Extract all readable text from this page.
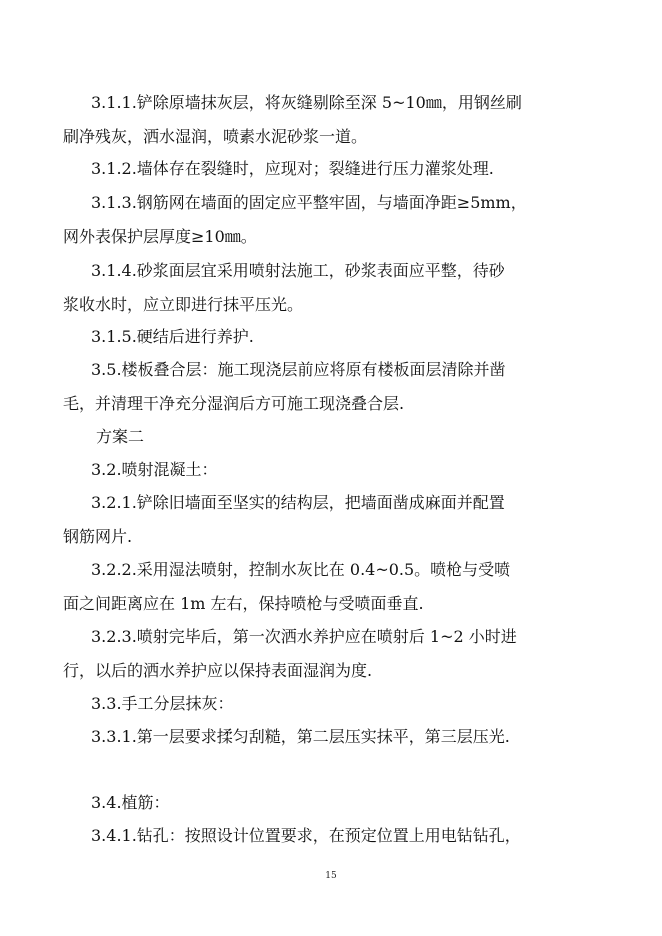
3.1.1.铲除原墙抹灰层，将灰缝剔除至深 5~10㎜，用钢丝刷
刷净残灰，洒水湿润，喷素水泥砂浆一道。
3.1.2.墙体存在裂缝时，应现对；裂缝进行压力灌浆处理.
3.1.3.钢筋网在墙面的固定应平整牢固，与墙面净距≥5mm，
网外表保护层厚度≥10㎜。
3.1.4.砂浆面层宜采用喷射法施工，砂浆表面应平整，待砂
浆收水时，应立即进行抹平压光。
3.1.5.硬结后进行养护.
3.5.楼板叠合层：施工现浇层前应将原有楼板面层清除并凿
毛，并清理干净充分湿润后方可施工现浇叠合层.
方案二
3.2.喷射混凝土：
3.2.1.铲除旧墙面至坚实的结构层，把墙面凿成麻面并配置
钢筋网片.
3.2.2.采用湿法喷射，控制水灰比在 0.4~0.5。喷枪与受喷
面之间距离应在 1m 左右，保持喷枪与受喷面垂直.
3.2.3.喷射完毕后，第一次洒水养护应在喷射后 1~2 小时进
行，以后的洒水养护应以保持表面湿润为度.
3.3.手工分层抹灰：
3.3.1.第一层要求揉匀刮糙，第二层压实抹平，第三层压光.
3.4.植筋：
3.4.1.钻孔：按照设计位置要求，在预定位置上用电钻钻孔，
15
